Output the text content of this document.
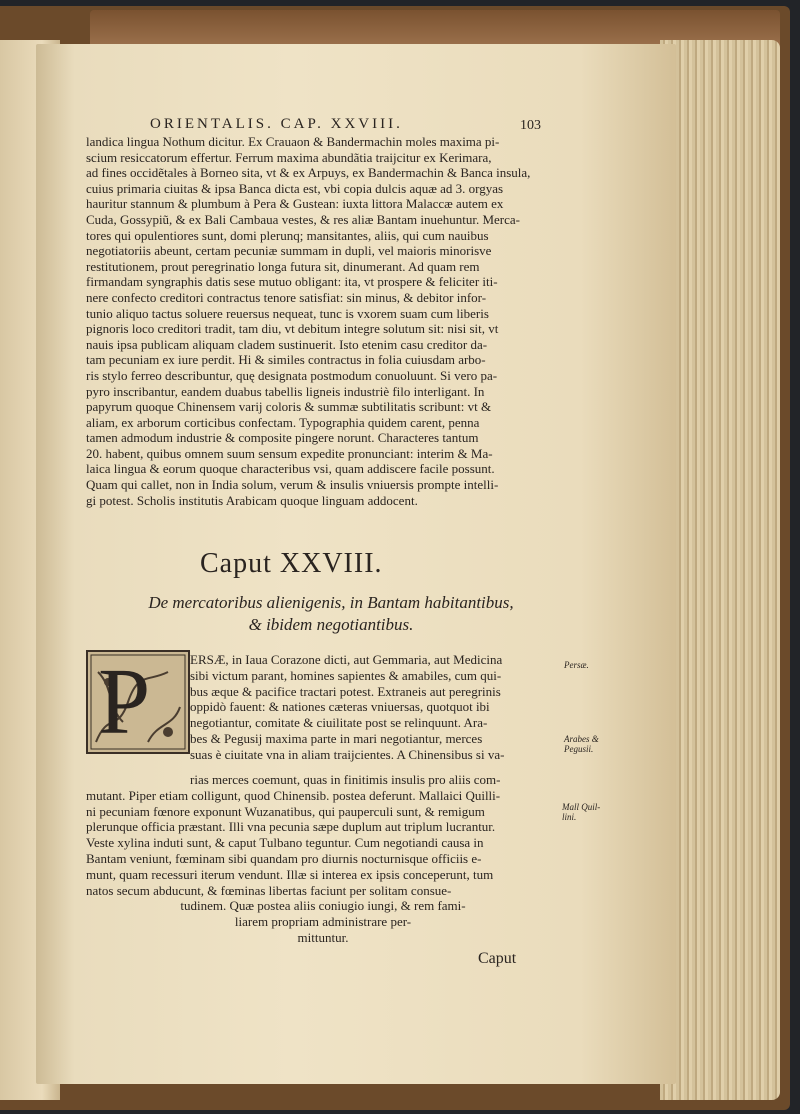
ORIENTALIS. CAP. XXVIII.	103
landica lingua Nothum dicitur. Ex Crauaon & Bandermachin moles maxima pi-
scium resiccatorum effertur. Ferrum maxima abundãtia traijcitur ex Kerimara,
ad fines occidẽtales à Borneo sita, vt & ex Arpuys, ex Bandermachin & Banca insula,
cuius primaria ciuitas & ipsa Banca dicta est, vbi copia dulcis aquæ ad 3. orgyas
hauritur stannum & plumbum à Pera & Gustean: iuxta littora Malaccæ autem ex
Cuda, Gossypiũ, & ex Bali Cambaua vestes, & res aliæ Bantam inuehuntur. Merca-
tores qui opulentiores sunt, domi plerunq; mansitantes, aliis, qui cum nauibus
negotiatoriis abeunt, certam pecuniæ summam in dupli, vel maioris minorisve
restitutionem, prout peregrinatio longa futura sit, dinumerant. Ad quam rem
firmandam syngraphis datis sese mutuo obligant: ita, vt prospere & feliciter iti-
nere confecto creditori contractus tenore satisfiat: sin minus, & debitor infor-
tunio aliquo tactus soluere reuersus nequeat, tunc is vxorem suam cum liberis
pignoris loco creditori tradit, tam diu, vt debitum integre solutum sit: nisi sit, vt
nauis ipsa publicam aliquam cladem sustinuerit. Isto etenim casu creditor da-
tam pecuniam ex iure perdit. Hi & similes contractus in folia cuiusdam arbo-
ris stylo ferreo describuntur, quę designata postmodum conuoluunt. Si vero pa-
pyro inscribantur, eandem duabus tabellis ligneis industriè filo interligant. In
papyrum quoque Chinensem varij coloris & summæ subtilitatis scribunt: vt &
aliam, ex arborum corticibus confectam. Typographia quidem carent, penna
tamen admodum industrie & composite pingere norunt. Characteres tantum
20. habent, quibus omnem suum sensum expedite pronunciant: interim & Ma-
laica lingua & eorum quoque characteribus vsi, quam addiscere facile possunt.
Quam qui callet, non in India solum, verum & insulis vniuersis prompte intelli-
gi potest. Scholis institutis Arabicam quoque linguam addocent.
Caput XXVIII.
De mercatoribus alienigenis, in Bantam habitantibus,
& ibidem negotiantibus.
P	ERSÆ, in Iaua Corazone dicti, aut Gemmaria, aut Medicina
sibi victum parant, homines sapientes & amabiles, cum qui-
bus æque & pacifice tractari potest. Extraneis aut peregrinis
oppidò fauent: & nationes cæteras vniuersas, quotquot ibi
negotiantur, comitate & ciuilitate post se relinquunt. Ara-
bes & Pegusij maxima parte in mari negotiantur, merces
suas è ciuitate vna in aliam traijcientes. A Chinensibus si va-
rias merces coemunt, quas in finitimis insulis pro aliis com-
mutant. Piper etiam colligunt, quod Chinensib. postea deferunt. Mallaici Quilli-
ni pecuniam fœnore exponunt Wuzanatibus, qui pauperculi sunt, & remigum
plerunque officia præstant. Illi vna pecunia sæpe duplum aut triplum lucrantur.
Veste xylina induti sunt, & caput Tulbano teguntur. Cum negotiandi causa in
Bantam veniunt, fœminam sibi quandam pro diurnis nocturnisque officiis e-
munt, quam recessuri iterum vendunt. Illæ si interea ex ipsis conceperunt, tum
natos secum abducunt, & fœminas libertas faciunt per solitam consue-
tudinem. Quæ postea aliis coniugio iungi, & rem fami-
liarem propriam administrare per-
mittuntur.
Persæ.
Arabes & Pegusii.
Mall Quil-lini.
Caput
